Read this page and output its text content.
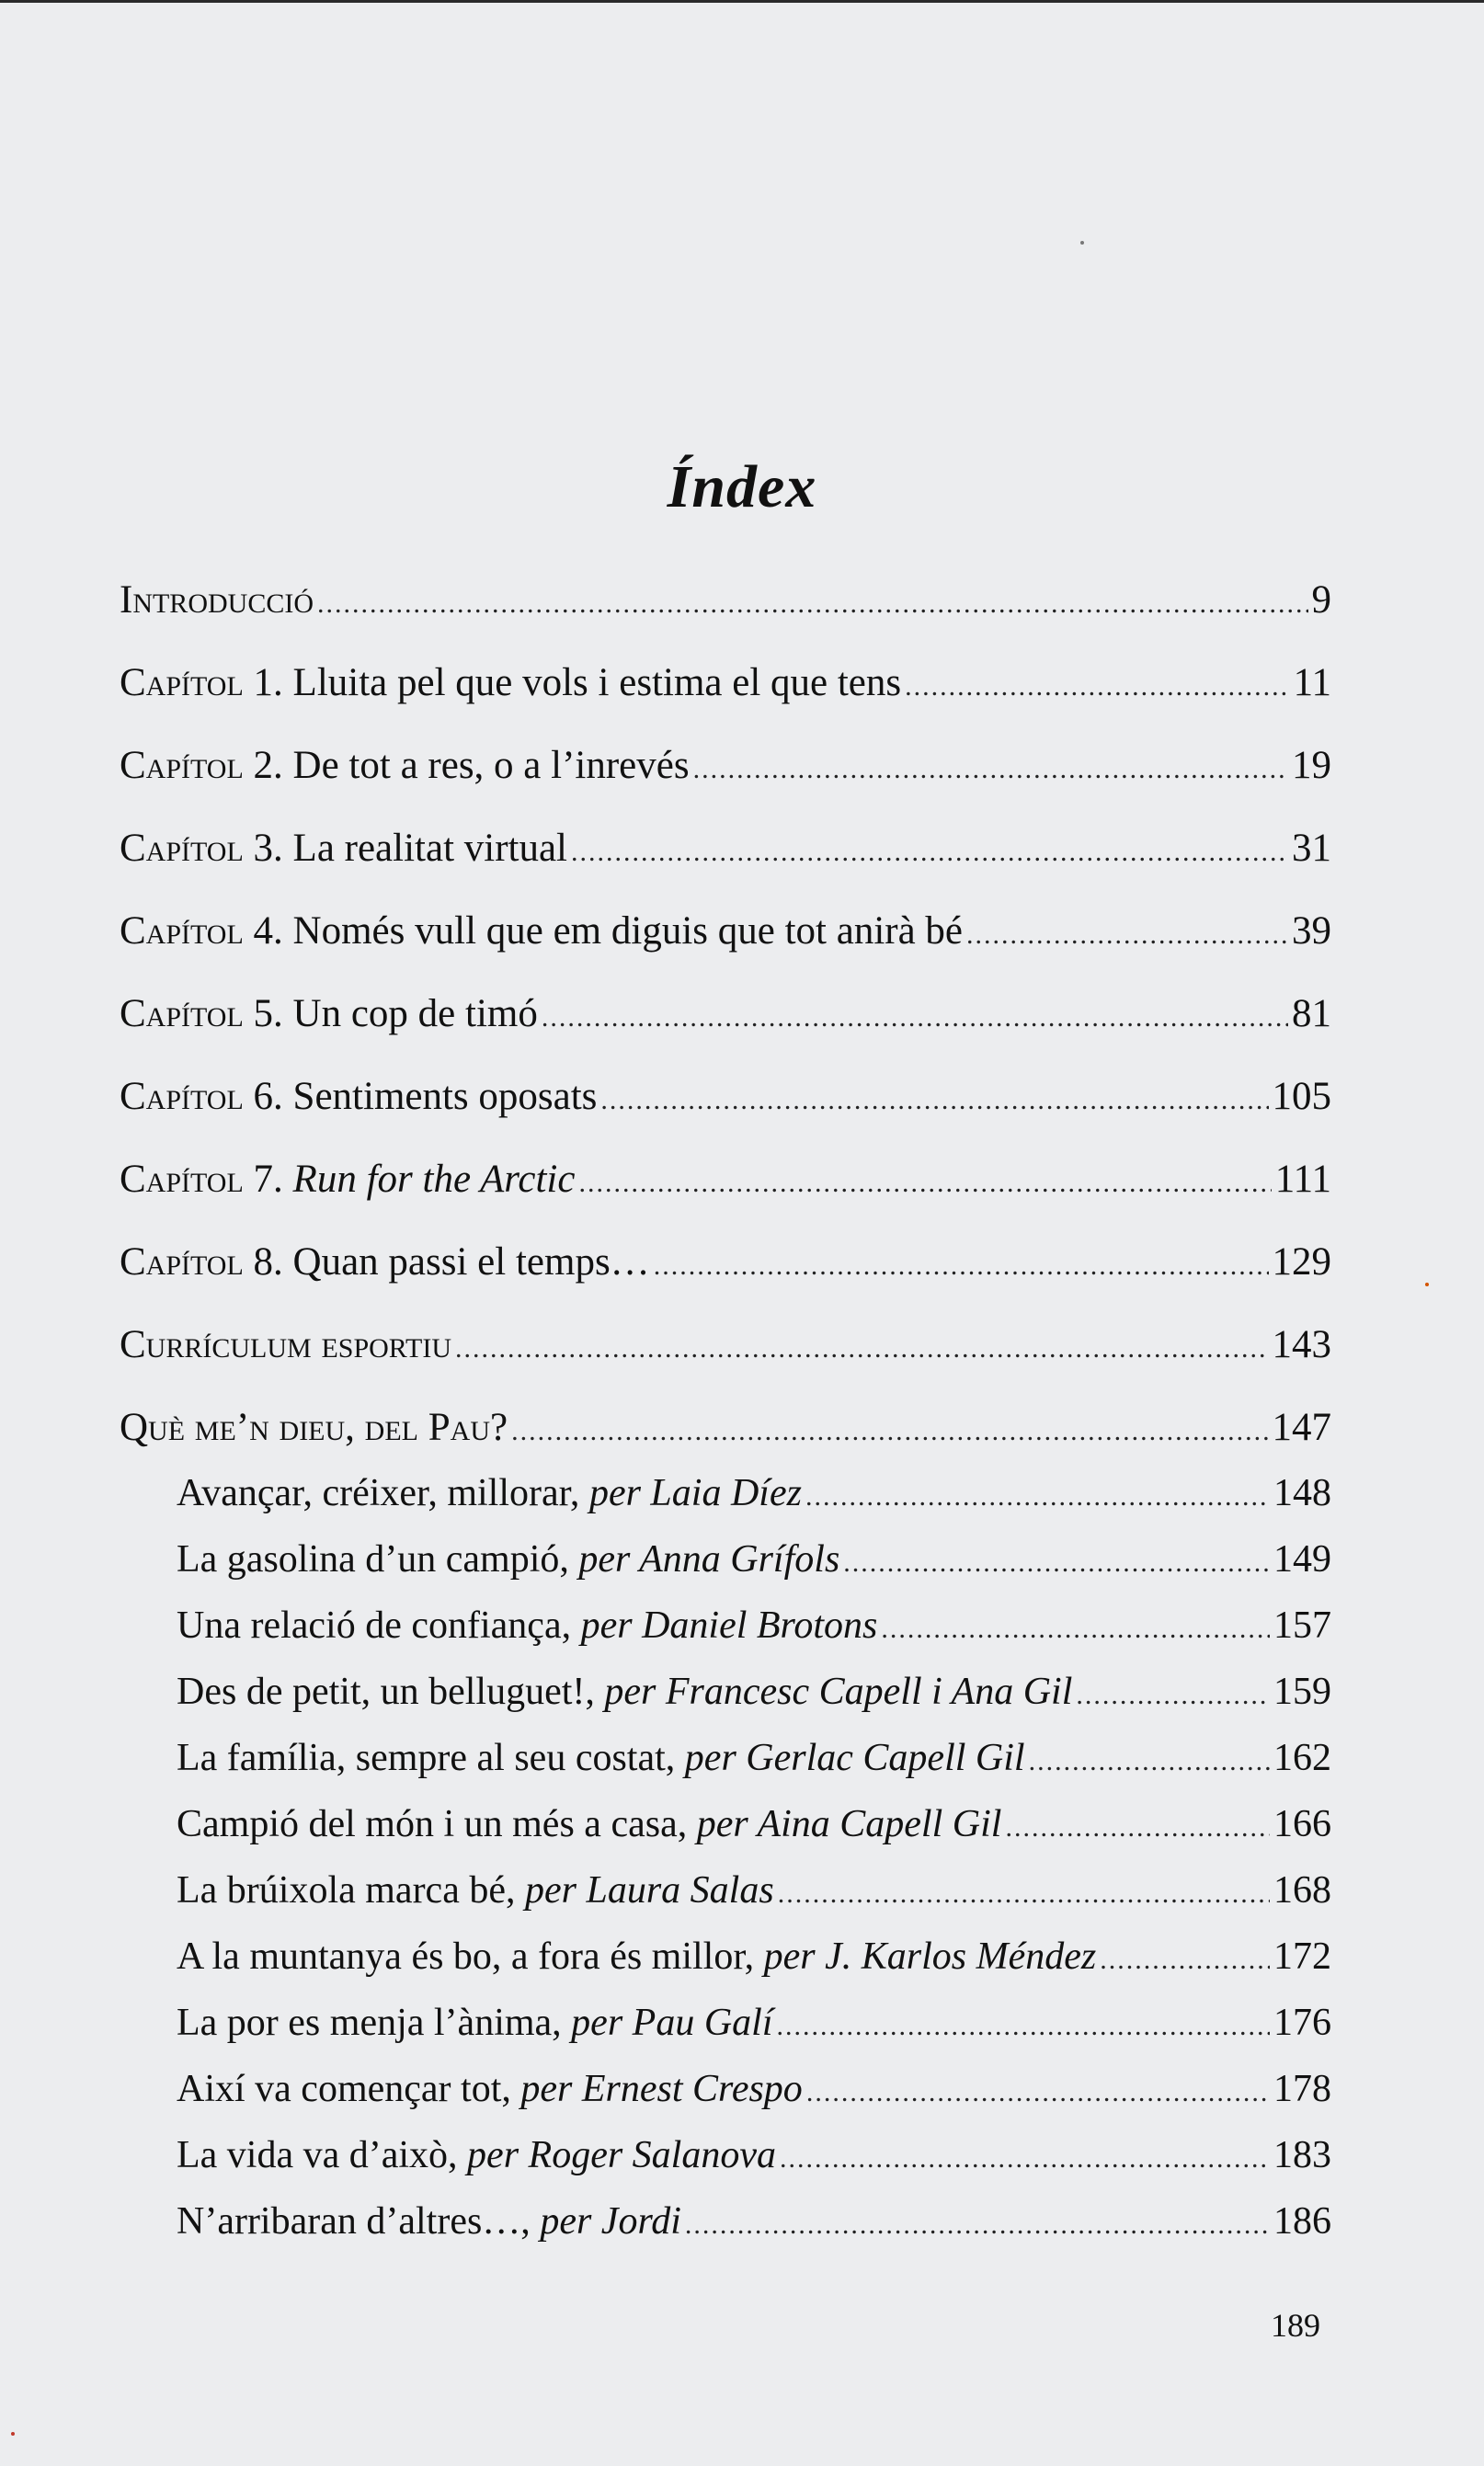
Índex
Introducció .....	9
Capítol 1. Lluita pel que vols i estima el que tens .....	11
Capítol 2. De tot a res, o a l’inrevés .....	19
Capítol 3. La realitat virtual .....	31
Capítol 4. Només vull que em diguis que tot anirà bé .....	39
Capítol 5. Un cop de timó .....	81
Capítol 6. Sentiments oposats .....	105
Capítol 7. Run for the Arctic .....	111
Capítol 8. Quan passi el temps… .....	129
Currículum esportiu .....	143
Què me’n dieu, del Pau? .....	147
Avançar, créixer, millorar, per Laia Díez .....	148
La gasolina d’un campió, per Anna Grífols .....	149
Una relació de confiança, per Daniel Brotons .....	157
Des de petit, un belluguet!, per Francesc Capell i Ana Gil .....	159
La família, sempre al seu costat, per Gerlac Capell Gil .....	162
Campió del món i un més a casa, per Aina Capell Gil .....	166
La brúixola marca bé, per Laura Salas .....	168
A la muntanya és bo, a fora és millor, per J. Karlos Méndez .....	172
La por es menja l’ànima, per Pau Galí .....	176
Així va començar tot, per Ernest Crespo .....	178
La vida va d’això, per Roger Salanova .....	183
N’arribaran d’altres…, per Jordi .....	186
189
